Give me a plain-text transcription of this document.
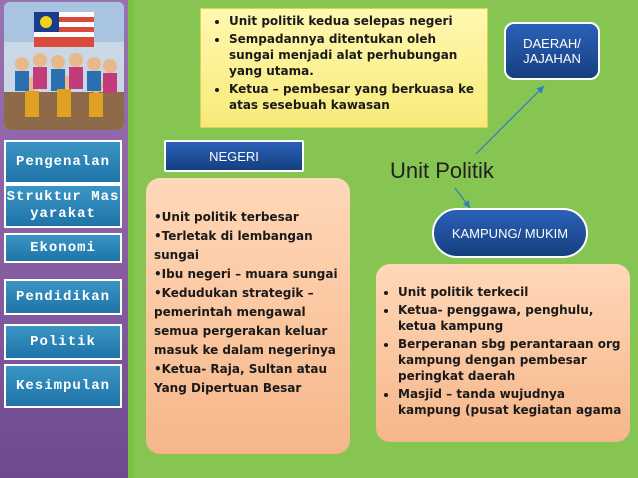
Pengenalan
Struktur Masyarakat
Ekonomi
Pendidikan
Politik
Kesimpulan
• Unit politik kedua selepas negeri
• Sempadannya ditentukan oleh sungai menjadi alat perhubungan yang utama.
• Ketua – pembesar yang berkuasa ke atas sesebuah kawasan
DAERAH/ JAJAHAN
NEGERI
Unit Politik
KAMPUNG/ MUKIM

•Unit politik terbesar

•Terletak di lembangan sungai

•Ibu negeri – muara sungai

•Kedudukan strategik – pemerintah mengawal semua pergerakan keluar masuk ke dalam negerinya

•Ketua- Raja, Sultan atau Yang Dipertuan Besar

• Unit politik terkecil
• Ketua- penggawa, penghulu, ketua kampung
• Berperanan sbg perantaraan org kampung dengan pembesar peringkat daerah
• Masjid – tanda wujudnya kampung (pusat kegiatan agama
